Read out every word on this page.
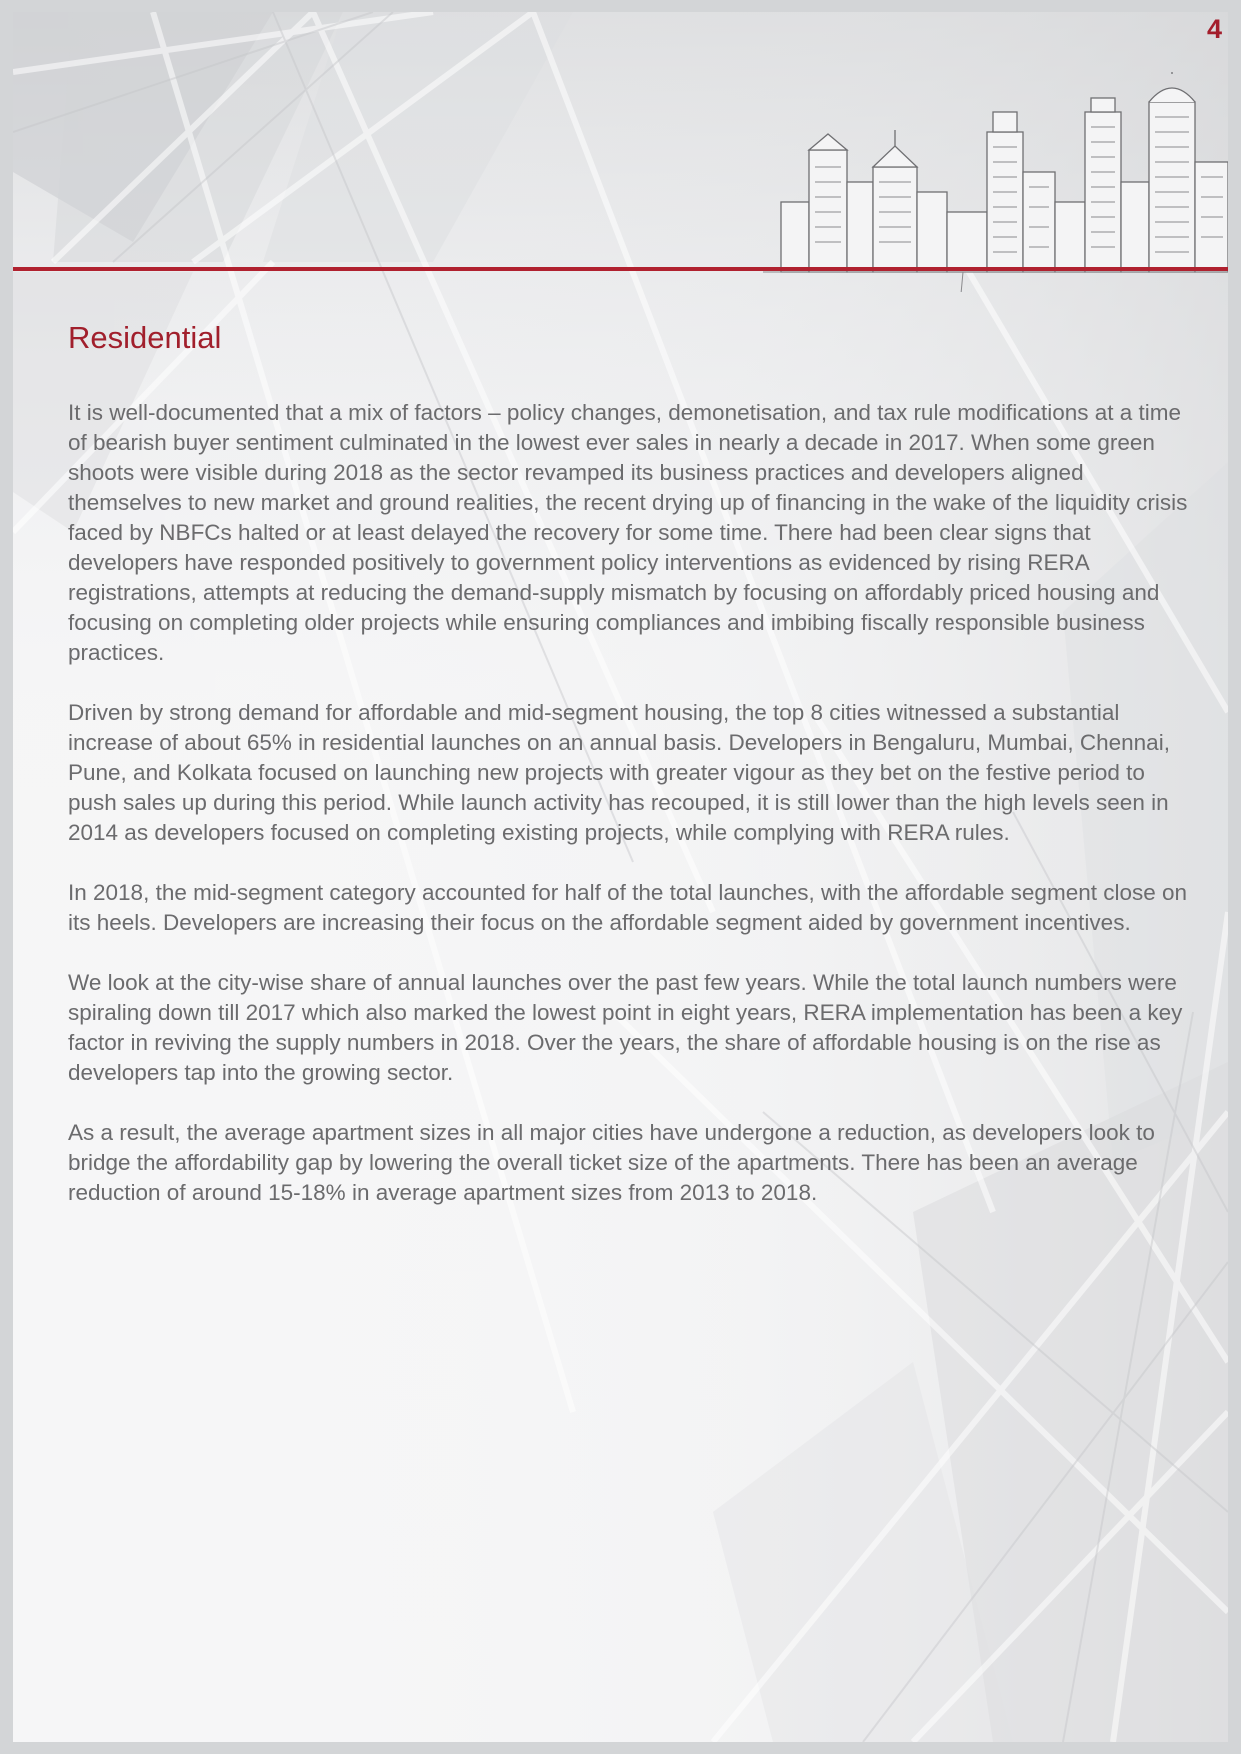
4

Residential

It is well-documented that a mix of factors – policy changes, demonetisation, and tax rule modifications at a time of bearish buyer sentiment culminated in the lowest ever sales in nearly a decade in 2017. When some green shoots were visible during 2018 as the sector revamped its business practices and developers aligned themselves to new market and ground realities, the recent drying up of financing in the wake of the liquidity crisis faced by NBFCs halted or at least delayed the recovery for some time. There had been clear signs that developers have responded positively to government policy interventions as evidenced by rising RERA registrations, attempts at reducing the demand-supply mismatch by focusing on affordably priced housing and focusing on completing older projects while ensuring compliances and imbibing fiscally responsible business practices.

Driven by strong demand for affordable and mid-segment housing, the top 8 cities witnessed a substantial increase of about 65% in residential launches on an annual basis. Developers in Bengaluru, Mumbai, Chennai, Pune, and Kolkata focused on launching new projects with greater vigour as they bet on the festive period to push sales up during this period. While launch activity has recouped, it is still lower than the high levels seen in 2014 as developers focused on completing existing projects, while complying with RERA rules.

In 2018, the mid-segment category accounted for half of the total launches, with the affordable segment close on its heels. Developers are increasing their focus on the affordable segment aided by government incentives.

We look at the city-wise share of annual launches over the past few years. While the total launch numbers were spiraling down till 2017 which also marked the lowest point in eight years, RERA implementation has been a key factor in reviving the supply numbers in 2018. Over the years, the share of affordable housing is on the rise as developers tap into the growing sector.

As a result, the average apartment sizes in all major cities have undergone a reduction, as developers look to bridge the affordability gap by lowering the overall ticket size of the apartments. There has been an average reduction of around 15-18% in average apartment sizes from 2013 to 2018.
